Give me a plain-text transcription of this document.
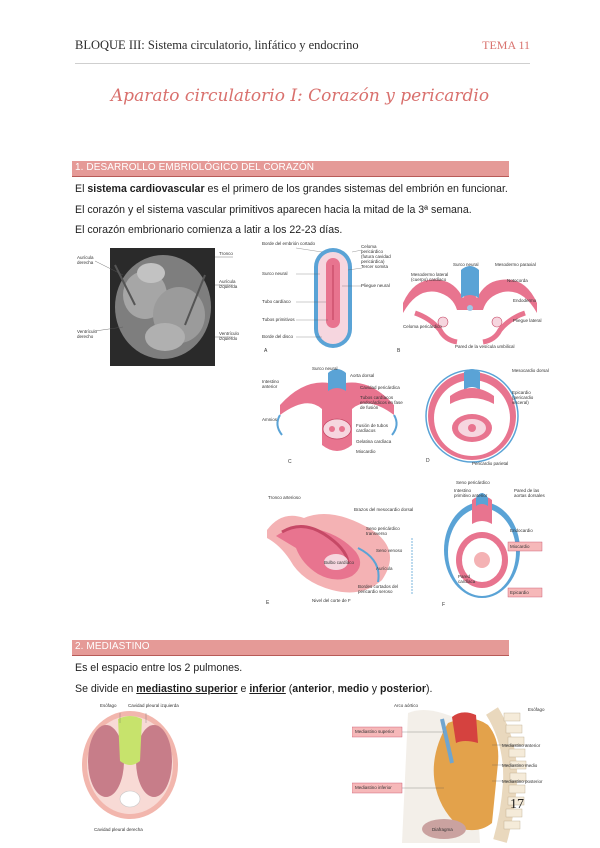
BLOQUE III: Sistema circulatorio, linfático y endocrino	TEMA 11
Aparato circulatorio I: Corazón y pericardio
1. DESARROLLO EMBRIOLÓGICO DEL CORAZÓN
El sistema cardiovascular es el primero de los grandes sistemas del embrión en funcionar.
El corazón y el sistema vascular primitivos aparecen hacia la mitad de la 3ª semana.
El corazón embrionario comienza a latir a los 22-23 días.
Aurícula derecha
Ventrículo derecho
Tronco
Aurícula izquierda
Ventrículo izquierdo
Borde del embrión cortado
Surco neural
Tubo cardíaco
Tubos primitivos
Borde del disco
Celoma pericárdico (futura cavidad pericárdica)
Tercer somita
Pliegue neural
A
Surco neural	Mesodermo paraxial
Notocorda
Mesodermo lateral (cuerpo) cardíaco
Endodermo
Pliegue lateral
Celoma pericárdico
Pared de la vesícula umbilical
B
Surco neural
Aorta dorsal
Intestino anterior	Cavidad pericárdica
Tubos cardíacos endocárdicos en fase de fusión
Amnios
Fusión de tubos cardíacos
Gelatina cardíaca
Miocardio
C
Mesocardio dorsal
Epicardio (pericardio visceral)
Pericardio parietal
D
Tronco arterioso
Brazos del mesocardio dorsal
Seno pericárdico transverso
Bulbo cardíaco
Seno venoso
Aurícula
Bordes cortados del pericardio seroso
Nivel del corte de F
E
Seno pericárdico
Intestino primitivo anterior
Pared de las aortas dorsales
Endocardio
Miocardio
Pared cardíaca
Epicardio
F
2. MEDIASTINO
Es el espacio entre los 2 pulmones.
Se divide en mediastino superior e inferior (anterior, medio y posterior).
Esófago	Cavidad pleural izquierda
Cavidad pleural derecha
Arco aórtico
Esófago
Mediastino superior
Mediastino inferior
Mediastino anterior
Mediastino medio
Mediastino posterior
Diafragma
17
